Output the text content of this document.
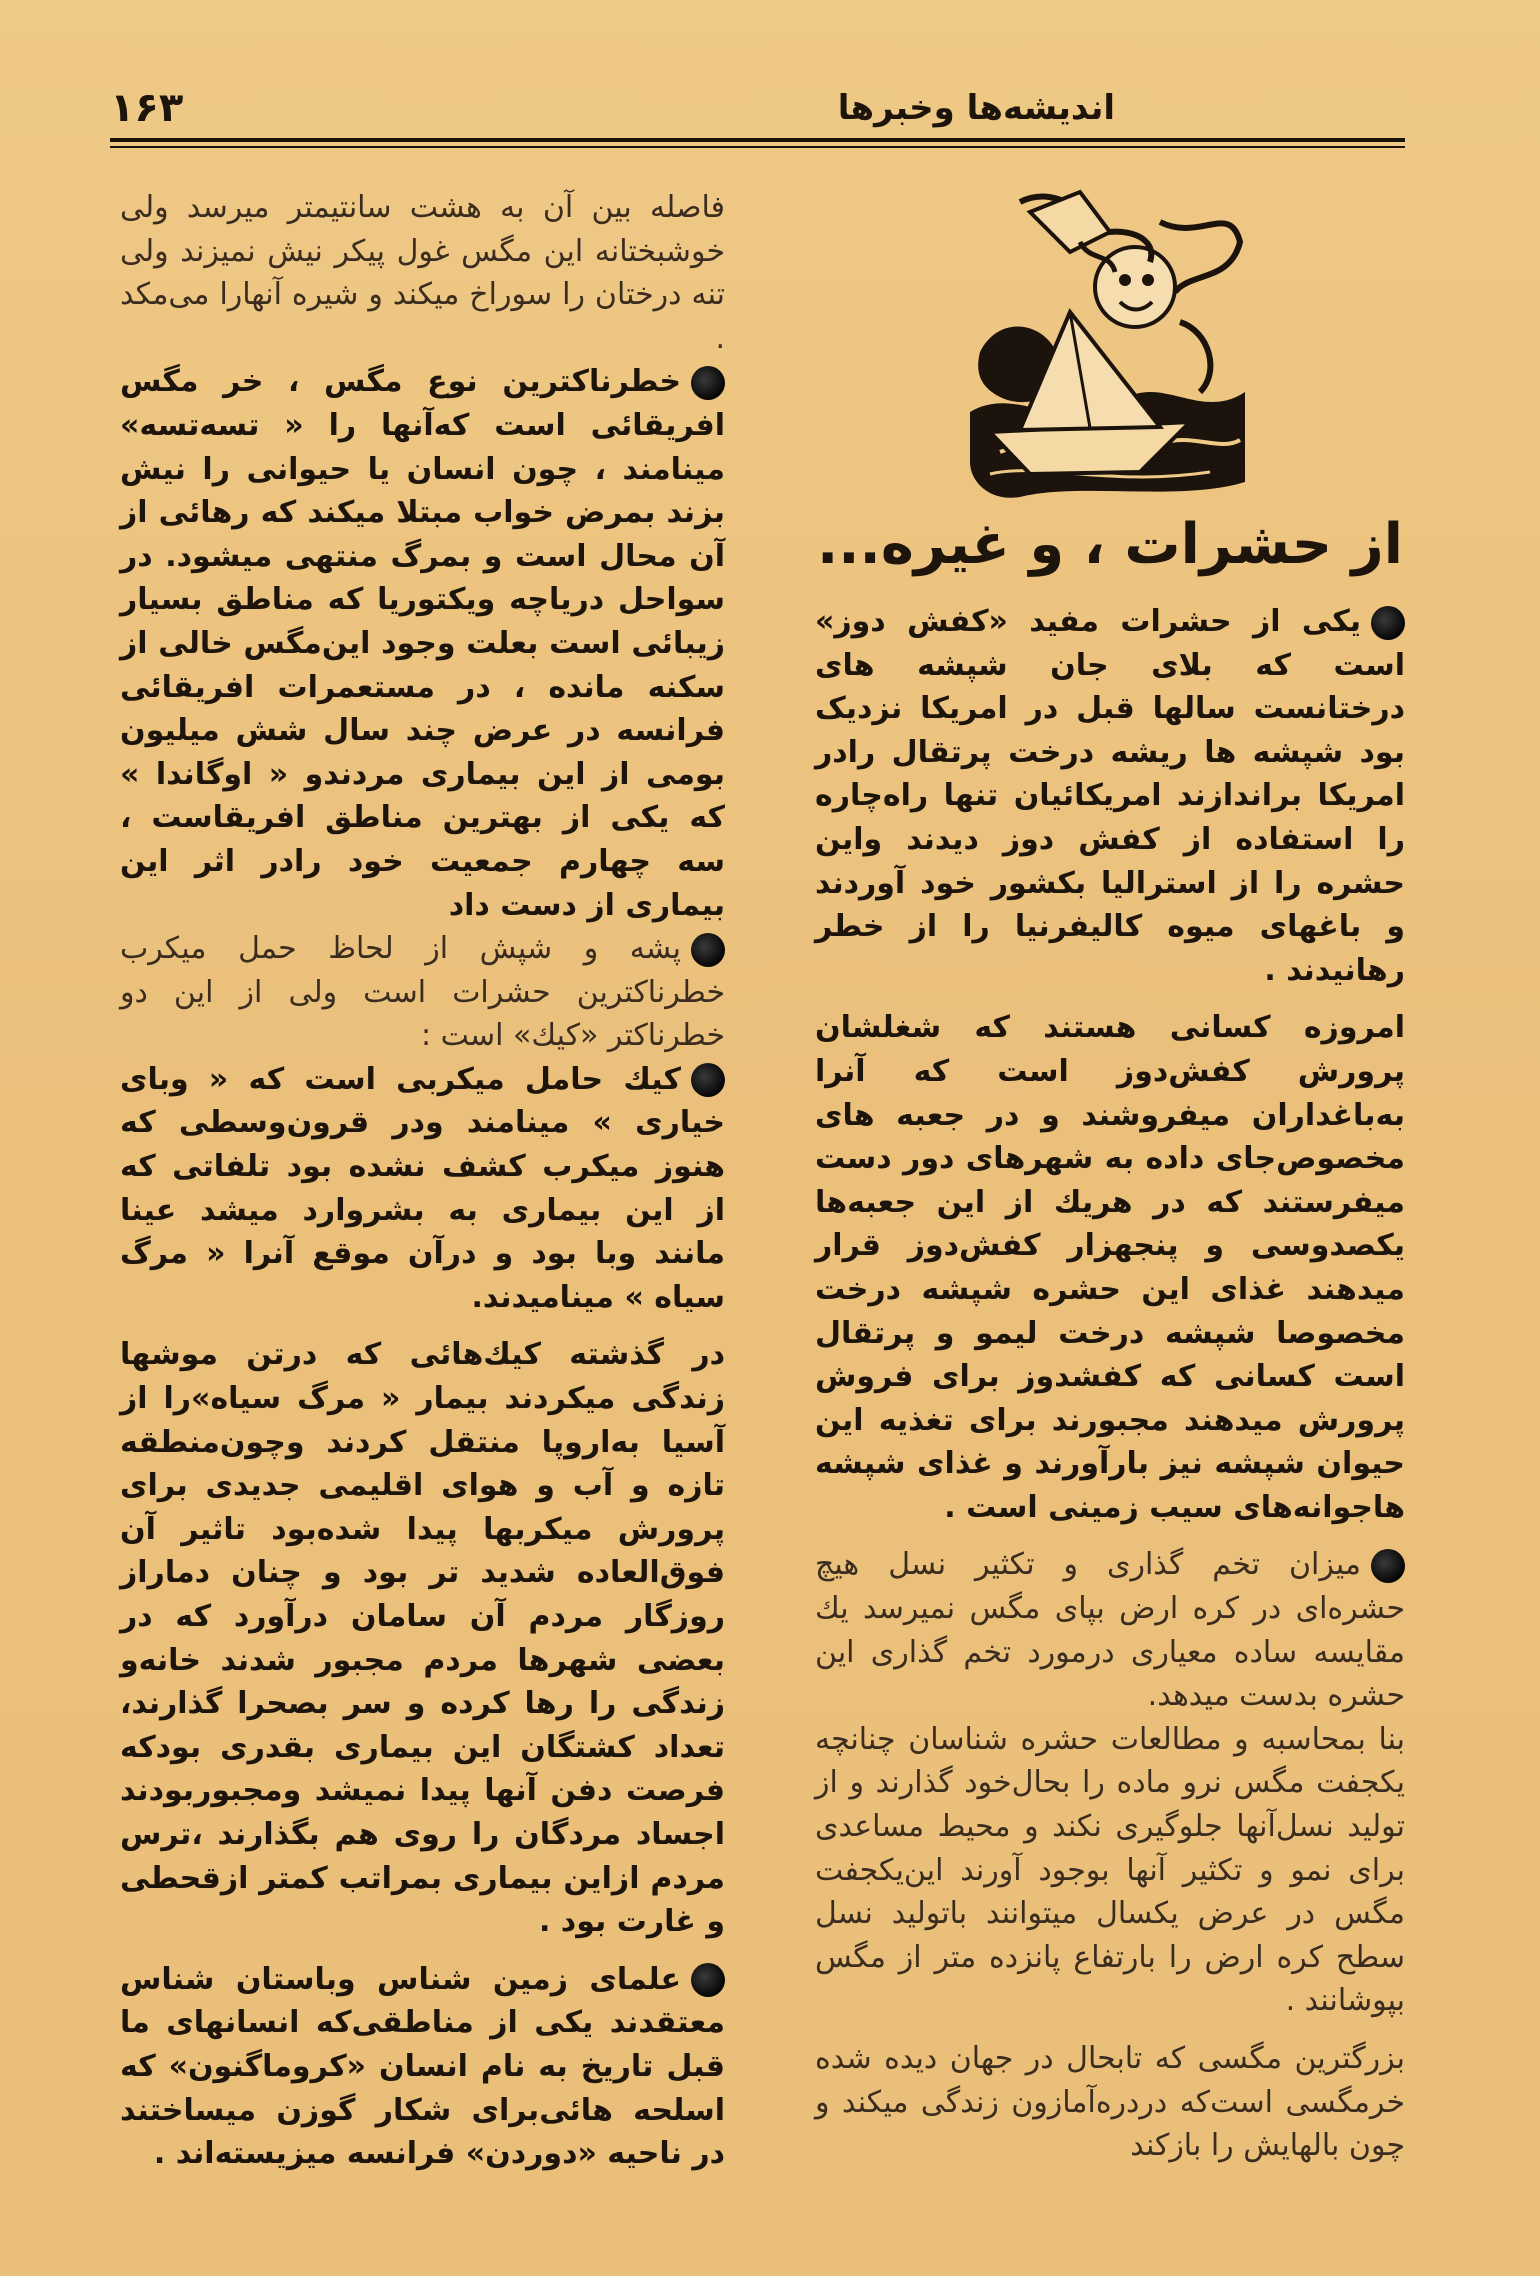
اندیشه‌ها وخبرها
۱۶۳
از حشرات ، و غیره...

یکی از حشرات مفید «کفش دوز» است که بلای جان شپشه های درختانست سالها قبل در امریکا نزدیک بود شپشه ها ریشه درخت پرتقال رادر امریکا براندازند امریکائیان تنها راه‌چاره را استفاده از کفش دوز دیدند واین حشره را از استرالیا بکشور خود آوردند و باغهای میوه کالیفرنیا را از خطر رهانیدند .

امروزه کسانی هستند که شغلشان پرورش کفش‌دوز است که آنرا به‌باغداران میفروشند و در جعبه های مخصوص‌جای داده به شهرهای دور دست میفرستند که در هریك از این جعبه‌ها یکصدوسی و پنجهزار کفش‌دوز قرار میدهند غذای این حشره شپشه درخت مخصوصا شپشه درخت لیمو و پرتقال است کسانی که کفشدوز برای فروش پرورش میدهند مجبورند برای تغذیه این حیوان شپشه نیز بارآورند و غذای شپشه هاجوانه‌های سیب زمینی است .

میزان تخم گذاری و تکثیر نسل هیچ حشره‌ای در کره ارض بپای مگس نمیرسد یك مقایسه ساده معیاری درمورد تخم گذاری این حشره بدست میدهد.

بنا بمحاسبه و مطالعات حشره شناسان چنانچه یکجفت مگس نرو ماده را بحال‌خود گذارند و از تولید نسل‌آنها جلوگیری نکند و محیط مساعدی برای نمو و تکثیر آنها بوجود آورند این‌یکجفت مگس در عرض یکسال میتوانند باتولید نسل سطح کره ارض را بارتفاع پانزده متر از مگس بپوشانند .

بزرگترین مگسی که تابحال در جهان دیده شده خرمگسی است‌که دردره‌آمازون زندگی میکند و چون بالهایش را بازکند

فاصله بین آن به هشت سانتیمتر میرسد ولی خوشبختانه این مگس غول پیکر نیش نمیزند ولی تنه درختان را سوراخ میکند و شیره آنهارا می‌مکد .

خطرناکترین نوع مگس ، خر مگس افریقائی است که‌آنها را « تسه‌تسه» مینامند ، چون انسان یا حیوانی را نیش بزند بمرض خواب مبتلا میکند که رهائی از آن محال است و بمرگ منتهی میشود. در سواحل دریاچه ویکتوریا که مناطق بسیار زیبائی است بعلت وجود این‌مگس خالی از سکنه مانده ، در مستعمرات افریقائی فرانسه در عرض چند سال شش میلیون بومی از این بیماری مردندو « اوگاندا » که یکی از بهترین مناطق افریقاست ، سه چهارم جمعیت خود رادر اثر این بیماری از دست داد

پشه و شپش از لحاظ حمل میکرب خطرناکترین حشرات است ولی از این دو خطرناکتر «کیك» است :

کیك حامل میکربی است که « وبای خیاری » مینامند ودر قرون‌وسطی که هنوز میکرب کشف نشده بود تلفاتی که از این بیماری به بشروارد میشد عینا مانند وبا بود و درآن موقع آنرا « مرگ سیاه » مینامیدند.

در گذشته کیك‌هائی که درتن موشها زندگی میکردند بیمار « مرگ سیاه»را از آسیا به‌اروپا منتقل کردند وچون‌منطقه تازه و آب و هوای اقلیمی جدیدی برای پرورش میکربها پیدا شده‌بود تاثیر آن فوق‌العاده شدید تر بود و چنان دماراز روزگار مردم آن سامان درآورد که در بعضی شهرها مردم مجبور شدند خانه‌و زندگی را رها کرده و سر بصحرا گذارند، تعداد کشتگان این بیماری بقدری بودکه فرصت دفن آنها پیدا نمیشد ومجبوربودند اجساد مردگان را روی هم بگذارند ،ترس مردم ازاین بیماری بمراتب کمتر ازقحطی و غارت بود .

علمای زمین شناس وباستان شناس معتقدند یکی از مناطقی‌که انسانهای ما قبل تاریخ به نام انسان «کروماگنون» که اسلحه هائی‌برای شکار گوزن میساختند در ناحیه «دوردن» فرانسه میزیسته‌اند .
